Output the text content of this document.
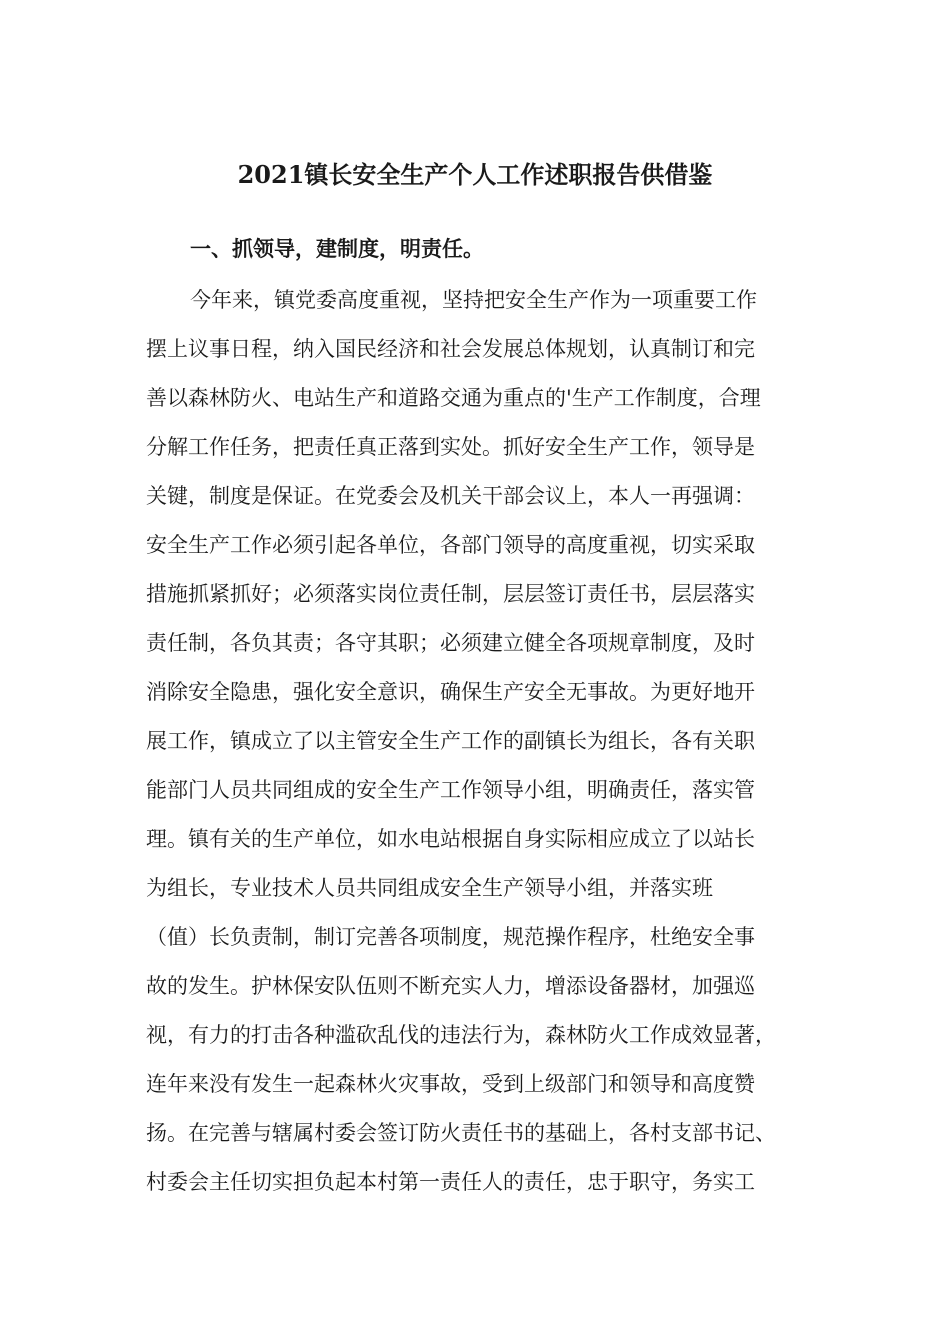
2021镇长安全生产个人工作述职报告供借鉴
一、抓领导，建制度，明责任。
今年来，镇党委高度重视，坚持把安全生产作为一项重要工作
摆上议事日程，纳入国民经济和社会发展总体规划，认真制订和完
善以森林防火、电站生产和道路交通为重点的'生产工作制度，合理
分解工作任务，把责任真正落到实处。抓好安全生产工作，领导是
关键，制度是保证。在党委会及机关干部会议上，本人一再强调：
安全生产工作必须引起各单位，各部门领导的高度重视，切实采取
措施抓紧抓好；必须落实岗位责任制，层层签订责任书，层层落实
责任制，各负其责；各守其职；必须建立健全各项规章制度，及时
消除安全隐患，强化安全意识，确保生产安全无事故。为更好地开
展工作，镇成立了以主管安全生产工作的副镇长为组长，各有关职
能部门人员共同组成的安全生产工作领导小组，明确责任，落实管
理。镇有关的生产单位，如水电站根据自身实际相应成立了以站长
为组长，专业技术人员共同组成安全生产领导小组，并落实班
（值）长负责制，制订完善各项制度，规范操作程序，杜绝安全事
故的发生。护林保安队伍则不断充实人力，增添设备器材，加强巡
视，有力的打击各种滥砍乱伐的违法行为，森林防火工作成效显著，
连年来没有发生一起森林火灾事故，受到上级部门和领导和高度赞
扬。在完善与辖属村委会签订防火责任书的基础上，各村支部书记、
村委会主任切实担负起本村第一责任人的责任，忠于职守，务实工
